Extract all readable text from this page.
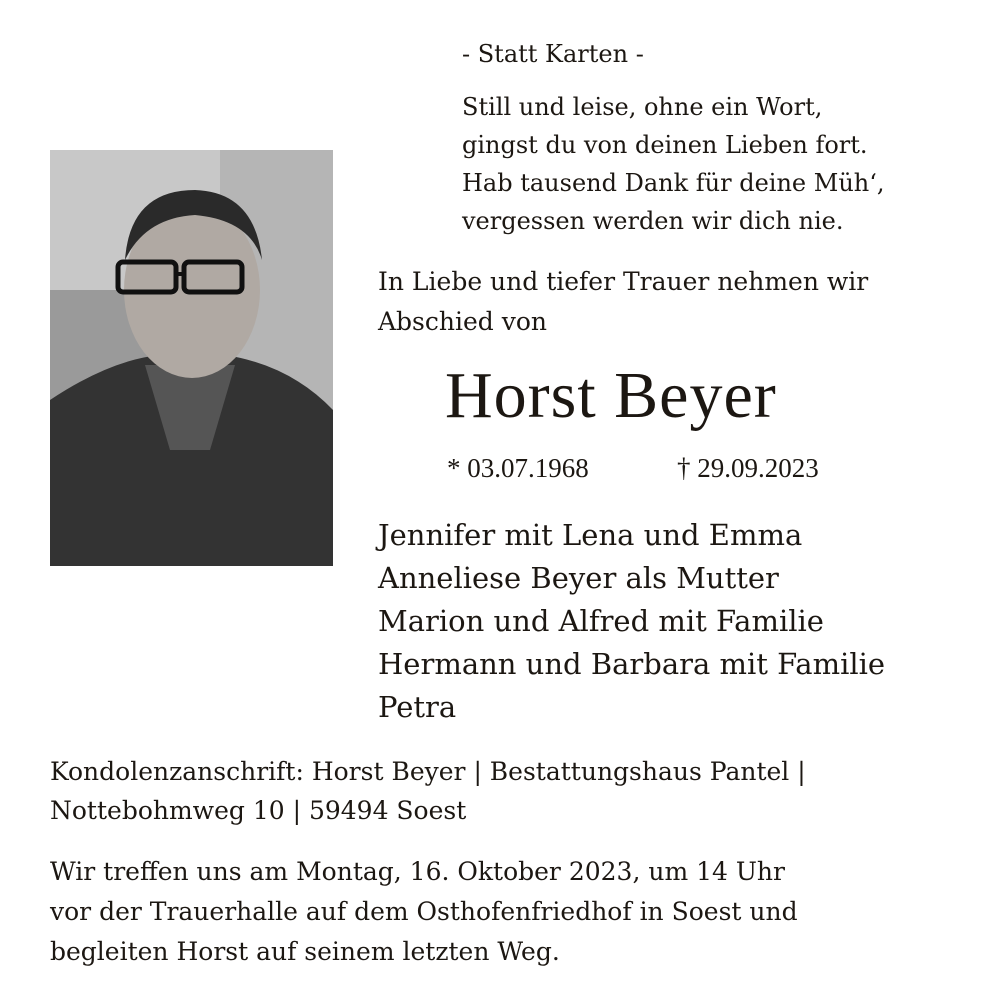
- Statt Karten -
Still und leise, ohne ein Wort,
gingst du von deinen Lieben fort.
Hab tausend Dank für deine Müh‘,
vergessen werden wir dich nie.
In Liebe und tiefer Trauer nehmen wir
Abschied von
Horst Beyer
* 03.07.1968	† 29.09.2023
Jennifer mit Lena und Emma
Anneliese Beyer als Mutter
Marion und Alfred mit Familie
Hermann und Barbara mit Familie
Petra
Kondolenzanschrift: Horst Beyer | Bestattungshaus Pantel |
Nottebohmweg 10 | 59494 Soest
Wir treffen uns am Montag, 16. Oktober 2023, um 14 Uhr
vor der Trauerhalle auf dem Osthofenfriedhof in Soest und
begleiten Horst auf seinem letzten Weg.
